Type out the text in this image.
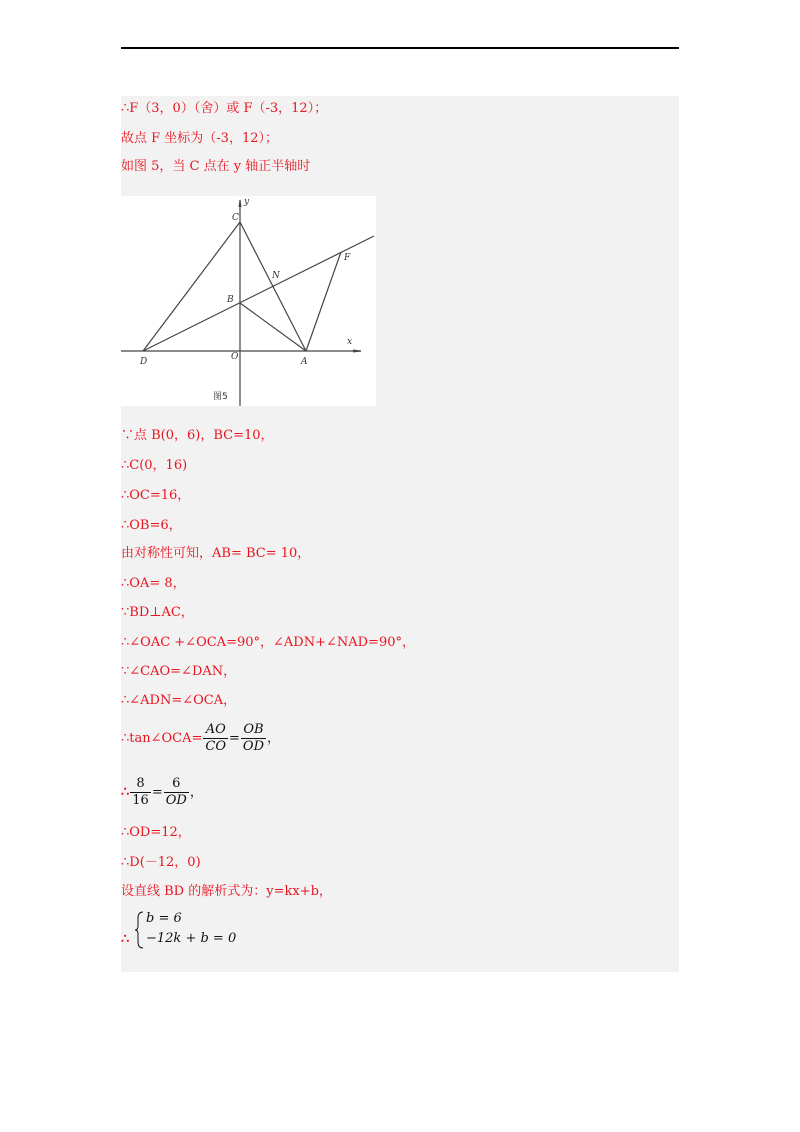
∴F（3，0）（舍）或 F（-3，12）；
故点 F 坐标为（-3，12）；
如图 5，当 C 点在 y 轴正半轴时
C
y
N
F
B
x
D	O	A
图5
∵点 B(0，6)，BC=10，
∴C(0，16)
∴OC=16，
∴OB=6，
由对称性可知，AB= BC= 10，
∴OA= 8，
∵BD⊥AC，
∴∠OAC +∠OCA=90°，∠ADN+∠NAD=90°，
∵∠CAO=∠DAN，
∴∠ADN=∠OCA，
∴tan∠OCA= $\frac{AO}{CO} = \frac{OB}{OD}$ ，
∴ $\frac{8}{16} = \frac{6}{OD}$ ，
∴OD=12，
∴D(－12，0)
设直线 BD 的解析式为：y=kx+b，
∴
b = 6
−12k + b = 0
